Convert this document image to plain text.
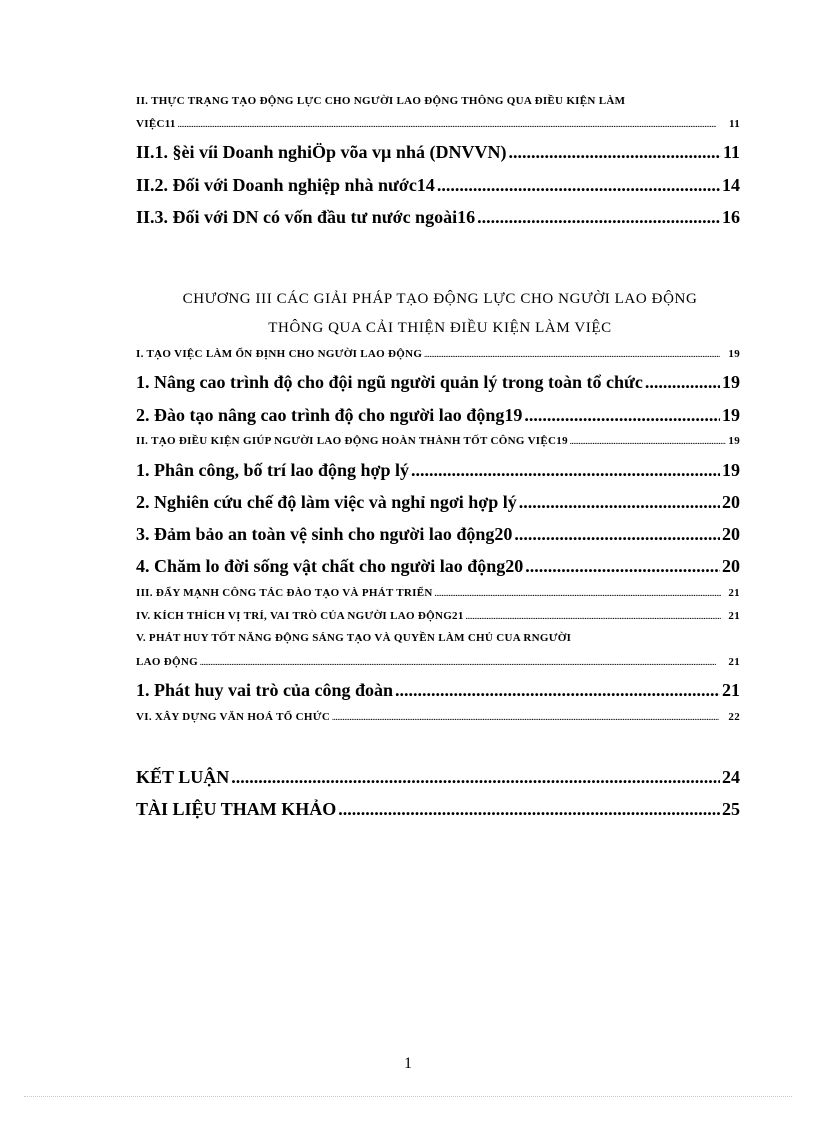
II. THỰC TRẠNG TẠO ĐỘNG LỰC CHO NGƯỜI LAO ĐỘNG THÔNG QUA ĐIỀU KIỆN LÀM
VIỆC11 .....	11
II.1. §èi víi Doanh nghiÖp võa vµ nhá (DNVVN) .....	11
II.2. Đối với Doanh nghiệp nhà nước14 .....	14
II.3. Đối với DN có vốn đầu tư nước ngoài16 .....	16
CHƯƠNG III CÁC GIẢI PHÁP TẠO ĐỘNG LỰC CHO NGƯỜI LAO ĐỘNG
THÔNG QUA CẢI THIỆN ĐIỀU KIỆN LÀM VIỆC
I. TẠO VIỆC LÀM ỔN ĐỊNH CHO NGƯỜI LAO ĐỘNG .....	19
1. Nâng cao trình độ cho đội ngũ người quản lý trong toàn tổ chức .....	19
2. Đào tạo nâng cao trình độ cho người lao động19 .....	19
II. TẠO ĐIỀU KIỆN GIÚP NGƯỜI LAO ĐỘNG HOÀN THÀNH TỐT CÔNG VIỆC19 .....	19
1. Phân công, bố trí lao động hợp lý .....	19
2. Nghiên cứu chế độ làm việc và nghỉ ngơi hợp lý .....	20
3. Đảm bảo an toàn vệ sinh cho người lao động20 .....	20
4. Chăm lo đời sống vật chất cho người lao động20 .....	20
III. ĐẨY MẠNH CÔNG TÁC ĐÀO TẠO VÀ PHÁT TRIỂN .....	21
IV. KÍCH THÍCH VỊ TRÍ, VAI TRÒ CỦA NGƯỜI LAO ĐỘNG21 .....	21
V. PHÁT HUY TỐT NĂNG ĐỘNG SÁNG TẠO VÀ QUYỀN LÀM CHỦ CUA RNGƯỜI
LAO ĐỘNG .....	21
1. Phát huy vai trò của công đoàn .....	21
VI. XÂY DỰNG VĂN HOÁ TỔ CHỨC .....	22
KẾT LUẬN .....	24
TÀI LIỆU THAM KHẢO .....	25
1
